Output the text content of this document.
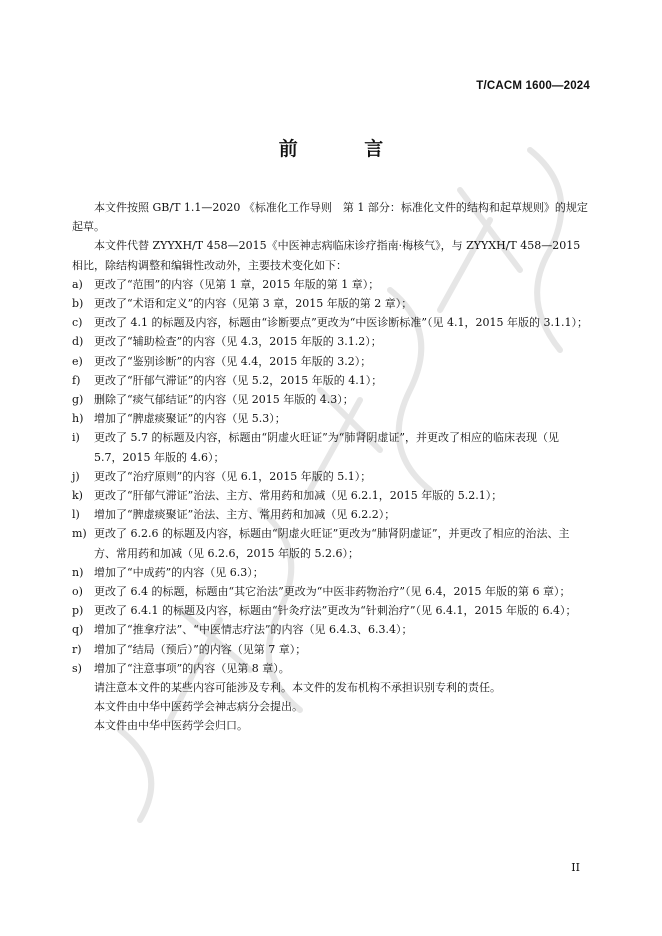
T/CACM 1600—2024
前 言

本文件按照 GB/T 1.1—2020 《标准化工作导则　第 1 部分：标准化文件的结构和起草规则》的规定起草。

本文件代替 ZYYXH/T 458—2015《中医神志病临床诊疗指南·梅核气》，与 ZYYXH/T 458—2015 相比，除结构调整和编辑性改动外，主要技术变化如下：

a) 更改了“范围”的内容（见第 1 章，2015 年版的第 1 章）；
b) 更改了“术语和定义”的内容（见第 3 章，2015 年版的第 2 章）；
c) 更改了 4.1 的标题及内容，标题由“诊断要点”更改为“中医诊断标准”（见 4.1，2015 年版的 3.1.1）；
d) 更改了“辅助检查”的内容（见 4.3，2015 年版的 3.1.2）；
e) 更改了“鉴别诊断”的内容（见 4.4，2015 年版的 3.2）；
f) 更改了“肝郁气滞证”的内容（见 5.2，2015 年版的 4.1）；
g) 删除了“痰气郁结证”的内容（见 2015 年版的 4.3）；
h) 增加了“脾虚痰聚证”的内容（见 5.3）；
i) 更改了 5.7 的标题及内容，标题由“阴虚火旺证”为“肺肾阴虚证”，并更改了相应的临床表现（见 5.7，2015 年版的 4.6）；
j) 更改了“治疗原则”的内容（见 6.1，2015 年版的 5.1）；
k) 更改了“肝郁气滞证”治法、主方、常用药和加减（见 6.2.1，2015 年版的 5.2.1）；
l) 增加了“脾虚痰聚证”治法、主方、常用药和加减（见 6.2.2）；
m) 更改了 6.2.6 的标题及内容，标题由“阴虚火旺证”更改为“肺肾阴虚证”，并更改了相应的治法、主方、常用药和加减（见 6.2.6，2015 年版的 5.2.6）；
n) 增加了“中成药”的内容（见 6.3）；
o) 更改了 6.4 的标题，标题由“其它治法”更改为“中医非药物治疗”（见 6.4，2015 年版的第 6 章）；
p) 更改了 6.4.1 的标题及内容，标题由“针灸疗法”更改为“针刺治疗”（见 6.4.1，2015 年版的 6.4）；
q) 增加了“推拿疗法”、“中医情志疗法”的内容（见 6.4.3、6.3.4）；
r) 增加了“结局（预后）”的内容（见第 7 章）；
s) 增加了“注意事项”的内容（见第 8 章）。

请注意本文件的某些内容可能涉及专利。本文件的发布机构不承担识别专利的责任。

本文件由中华中医药学会神志病分会提出。

本文件由中华中医药学会归口。

II
